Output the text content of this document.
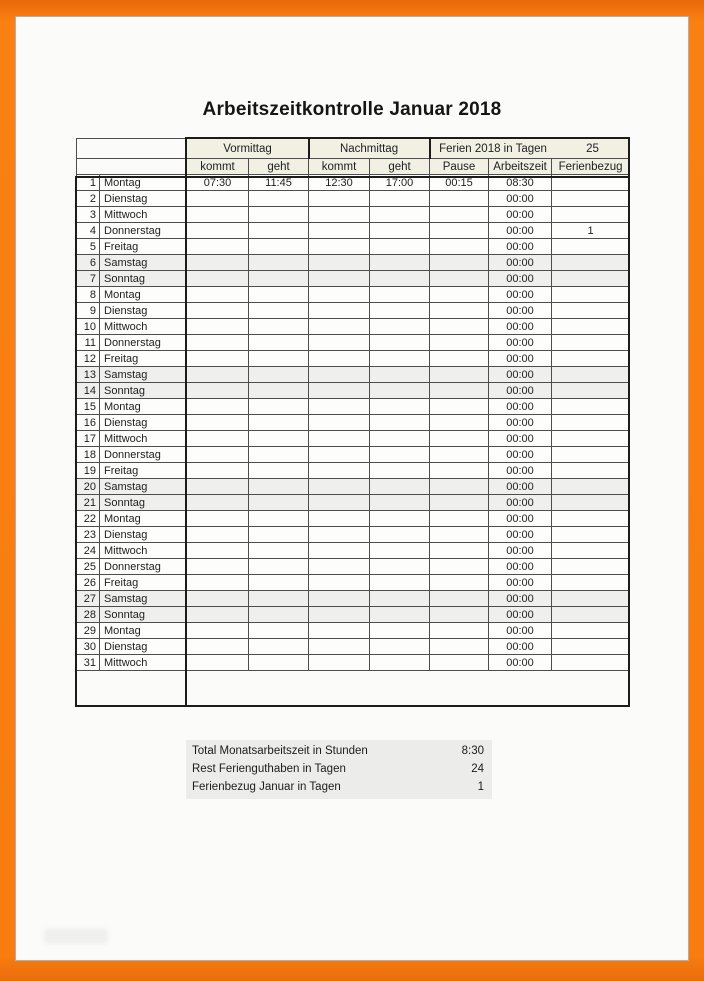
Arbeitszeitkontrolle Januar 2018
		Vormittag		Nachmittag		Ferien 2018 in Tagen 25		

		kommt	geht	kommt	geht	Pause	Arbeitszeit	Ferienbezug
1	Montag	07:30	11:45	12:30	17:00	00:15	08:30	
2	Dienstag						00:00	
3	Mittwoch						00:00	
4	Donnerstag						00:00	1
5	Freitag						00:00	
6	Samstag						00:00	
7	Sonntag						00:00	
8	Montag						00:00	
9	Dienstag						00:00	
10	Mittwoch						00:00	
11	Donnerstag						00:00	
12	Freitag						00:00	
13	Samstag						00:00	
14	Sonntag						00:00	
15	Montag						00:00	
16	Dienstag						00:00	
17	Mittwoch						00:00	
18	Donnerstag						00:00	
19	Freitag						00:00	
20	Samstag						00:00	
21	Sonntag						00:00	
22	Montag						00:00	
23	Dienstag						00:00	
24	Mittwoch						00:00	
25	Donnerstag						00:00	
26	Freitag						00:00	
27	Samstag						00:00	
28	Sonntag						00:00	
29	Montag						00:00	
30	Dienstag						00:00	
31	Mittwoch						00:00	
Total Monatsarbeitszeit in Stunden	8:30
Rest Ferienguthaben in Tagen	24
Ferienbezug Januar in Tagen	1
